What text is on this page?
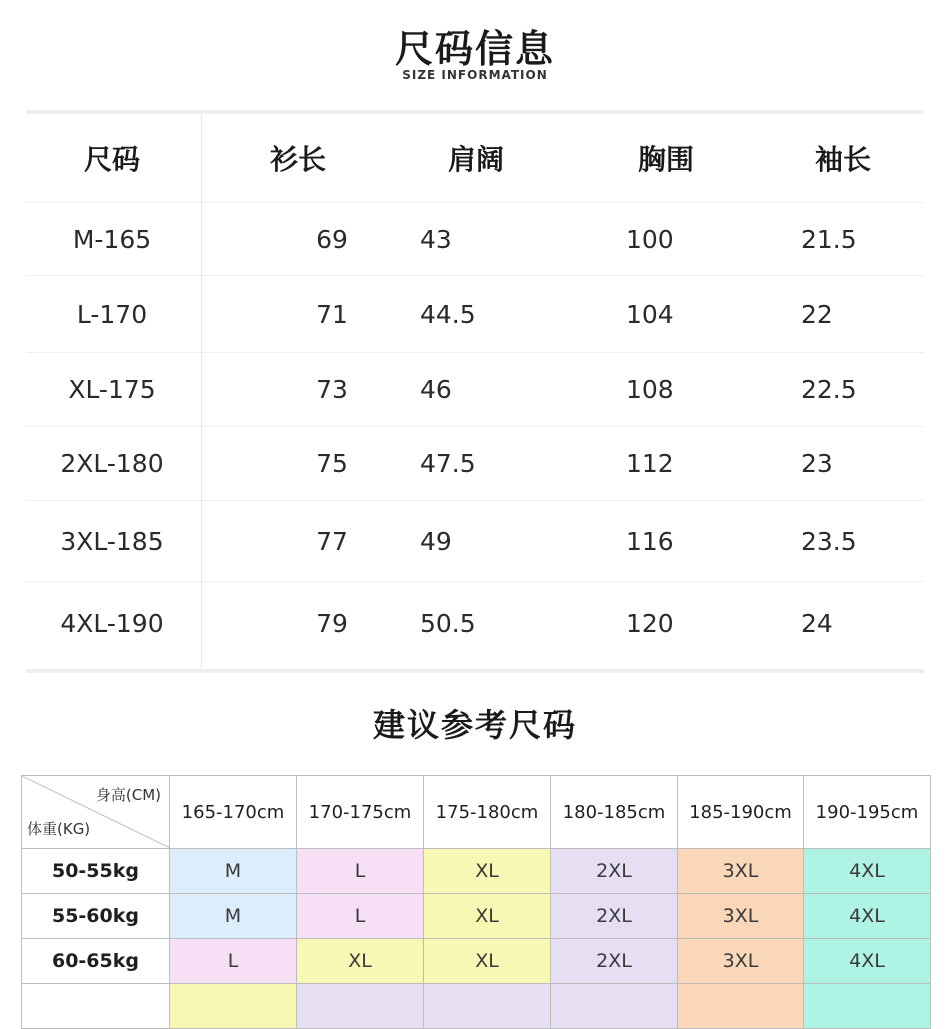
尺码信息
SIZE INFORMATION
尺码	衫长	肩阔	胸围	袖长
M-165	69	43	100	21.5
L-170	71	44.5	104	22
XL-175	73	46	108	22.5
2XL-180	75	47.5	112	23
3XL-185	77	49	116	23.5
4XL-190	79	50.5	120	24
建议参考尺码
身高(CM)
体重(KG)	165-170cm	170-175cm	175-180cm	180-185cm	185-190cm	190-195cm
50-55kg	M	L	XL	2XL	3XL	4XL
55-60kg	M	L	XL	2XL	3XL	4XL
60-65kg	L	XL	XL	2XL	3XL	4XL
